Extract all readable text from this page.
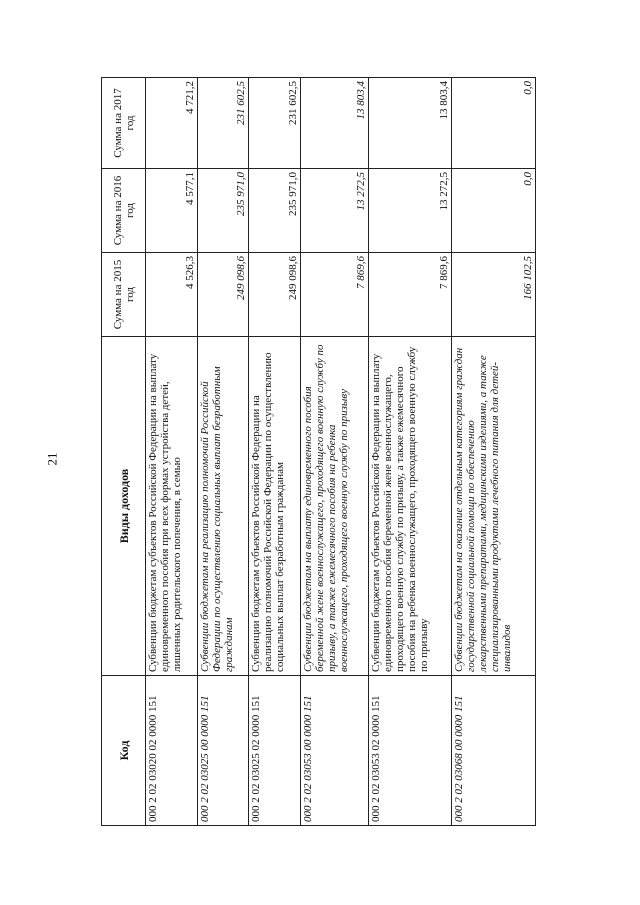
21
Код	Виды доходов	Сумма на 2015 год	Сумма на 2016 год	Сумма на 2017 год
000 2 02 03020 02 0000 151	Субвенции бюджетам субъектов Российской Федерации на выплату единовременного пособия при всех формах устройства детей, лишенных родительского попечения, в семью	4 526,3	4 577,1	4 721,2
000 2 02 03025 00 0000 151	Субвенции бюджетам на реализацию полномочий Российской Федерации по осуществлению социальных выплат безработным гражданам	249 098,6	235 971,0	231 602,5
000 2 02 03025 02 0000 151	Субвенции бюджетам субъектов Российской Федерации на реализацию полномочий Российской Федерации по осуществлению социальных выплат безработным гражданам	249 098,6	235 971,0	231 602,5
000 2 02 03053 00 0000 151	Субвенции бюджетам на выплату единовременного пособия беременной жене военнослужащего, проходящего военную службу по призыву, а также ежемесячного пособия на ребенка военнослужащего, проходящего военную службу по призыву	7 869,6	13 272,5	13 803,4
000 2 02 03053 02 0000 151	Субвенции бюджетам субъектов Российской Федерации на выплату единовременного пособия беременной жене военнослужащего, проходящего военную службу по призыву, а также ежемесячного пособия на ребенка военнослужащего, проходящего военную службу по призыву	7 869,6	13 272,5	13 803,4
000 2 02 03068 00 0000 151	Субвенции бюджетам на оказание отдельным категориям граждан государственной социальной помощи по обеспечению лекарственными препаратами, медицинскими изделиями, а также специализированными продуктами лечебного питания для детей-инвалидов	166 102,5	0,0	0,0
